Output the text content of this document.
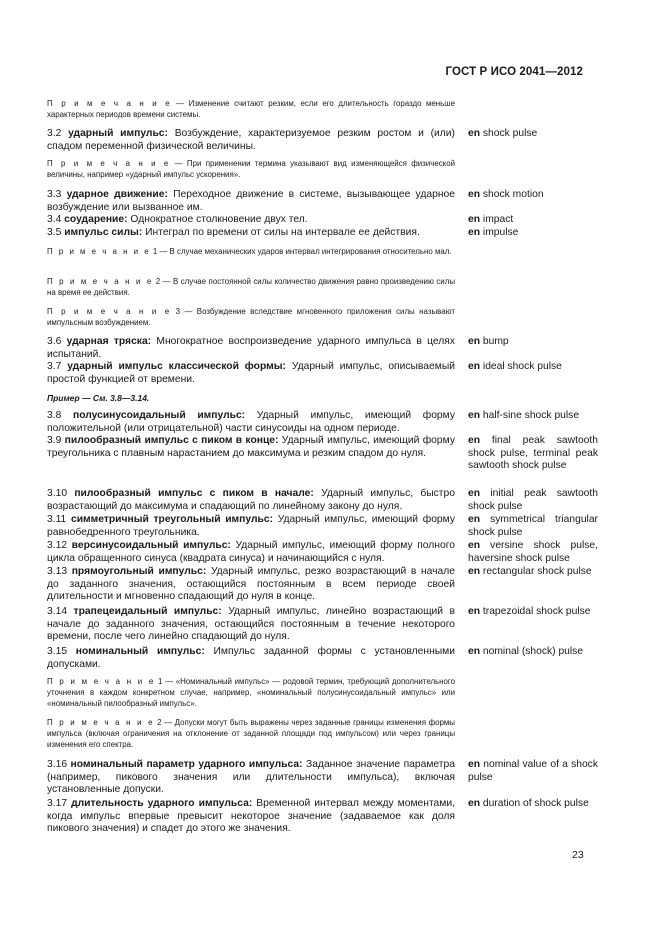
ГОСТ Р ИСО 2041—2012
П р и м е ч а н и е — Изменение считают резким, если его длительность гораздо меньше характерных периодов времени системы.
3.2 ударный импульс: Возбуждение, характеризуемое резким ростом и (или) спадом переменной физической величины.
en shock pulse
П р и м е ч а н и е — При применении термина указывают вид изменяющейся физической величины, например «ударный импульс ускорения».
3.3 ударное движение: Переходное движение в системе, вызывающее ударное возбуждение или вызванное им.
en shock motion
3.4 соударение: Однократное столкновение двух тел.	en impact
3.5 импульс силы: Интеграл по времени от силы на интервале ее действия.	en impulse
П р и м е ч а н и е 1 — В случае механических ударов интервал интегрирования относительно мал.
П р и м е ч а н и е 2 — В случае постоянной силы количество движения равно произведению силы на время ее действия.
П р и м е ч а н и е 3 — Возбуждение вследствие мгновенного приложения силы называют импульсным возбуждением.
3.6 ударная тряска: Многократное воспроизведение ударного импульса в целях испытаний.
en bump
3.7 ударный импульс классической формы: Ударный импульс, описываемый простой функцией от времени.
en ideal shock pulse
Пример — См. 3.8—3.14.
3.8 полусинусоидальный импульс: Ударный импульс, имеющий форму положительной (или отрицательной) части синусоиды на одном периоде.
en half-sine shock pulse
3.9 пилообразный импульс с пиком в конце: Ударный импульс, имеющий форму треугольника с плавным нарастанием до максимума и резким спадом до нуля.
en final peak sawtooth shock pulse, terminal peak sawtooth shock pulse
3.10 пилообразный импульс с пиком в начале: Ударный импульс, быстро возрастающий до максимума и спадающий по линейному закону до нуля.
en initial peak sawtooth shock pulse
3.11 симметричный треугольный импульс: Ударный импульс, имеющий форму равнобедренного треугольника.
en symmetrical triangular shock pulse
3.12 версинусоидальный импульс: Ударный импульс, имеющий форму полного цикла обращенного синуса (квадрата синуса) и начинающийся с нуля.
en versine shock pulse, haversine shock pulse
3.13 прямоугольный импульс: Ударный импульс, резко возрастающий в начале до заданного значения, остающийся постоянным в всем периоде своей длительности и мгновенно спадающий до нуля в конце.
en rectangular shock pulse
3.14 трапецеидальный импульс: Ударный импульс, линейно возрастающий в начале до заданного значения, остающийся постоянным в течение некоторого времени, после чего линейно спадающий до нуля.
en trapezoidal shock pulse
3.15 номинальный импульс: Импульс заданной формы с установленными допусками.
en nominal (shock) pulse
П р и м е ч а н и е 1 — «Номинальный импульс» — родовой термин, требующий дополнительного уточнения в каждом конкретном случае, например, «номинальный полусинусоидальный импульс» или «номинальный пилообразный импульс».
П р и м е ч а н и е 2 — Допуски могут быть выражены через заданные границы изменения формы импульса (включая ограничения на отклонение от заданной площади под импульсом) или через границы изменения его спектра.
3.16 номинальный параметр ударного импульса: Заданное значение параметра (например, пикового значения или длительности импульса), включая установленные допуски.
en nominal value of a shock pulse
3.17 длительность ударного импульса: Временной интервал между моментами, когда импульс впервые превысит некоторое значение (задаваемое как доля пикового значения) и спадет до этого же значения.
en duration of shock pulse
23
